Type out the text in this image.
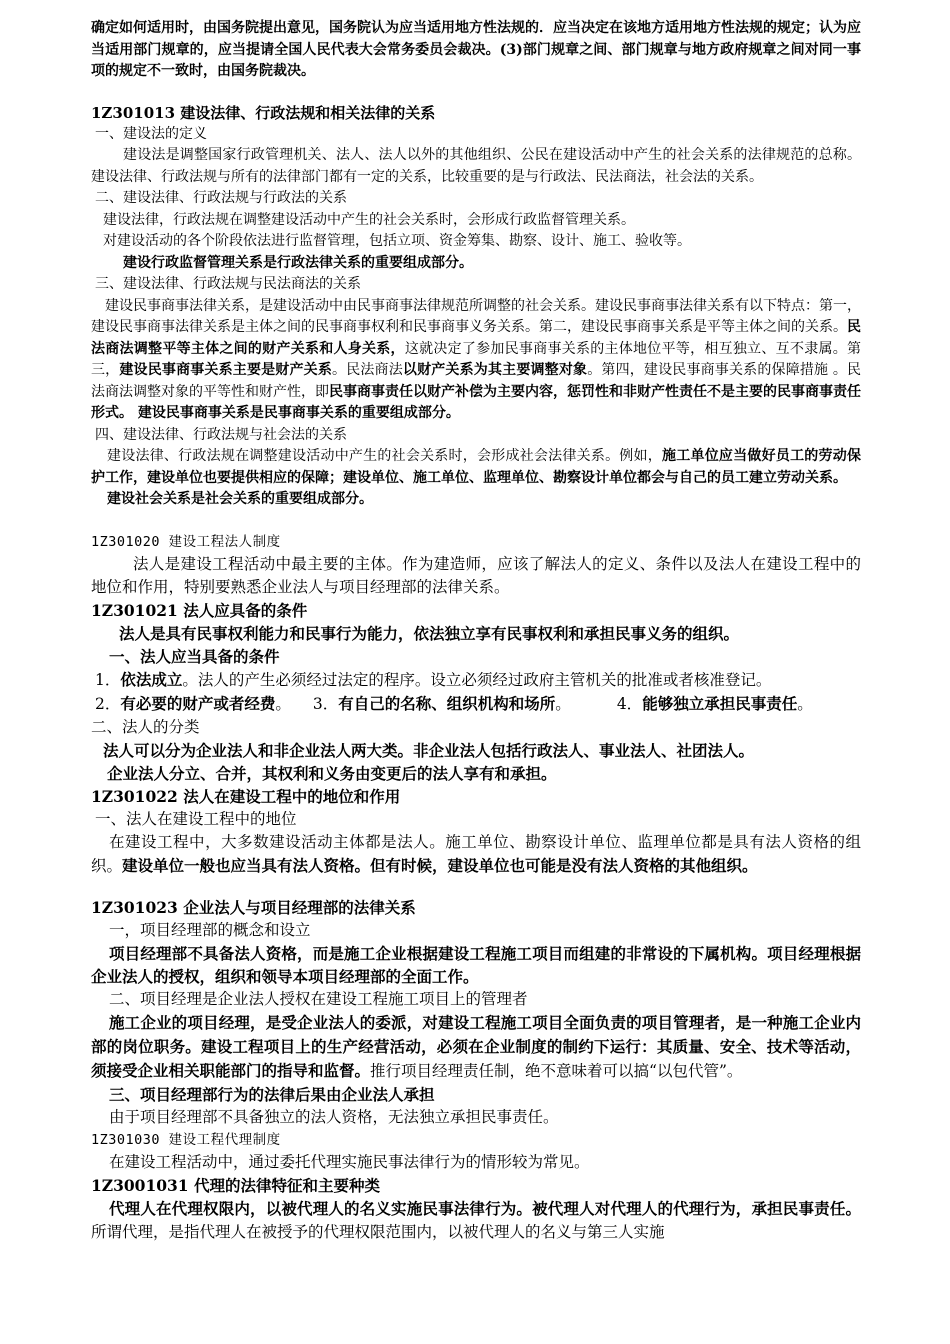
确定如何适用时，由国务院提出意见，国务院认为应当适用地方性法规的．应当决定在该地方适用地方性法规的规定；认为应当适用部门规章的，应当提请全国人民代表大会常务委员会裁决。(3)部门规章之间、部门规章与地方政府规章之间对同一事项的规定不一致时，由国务院裁决。

1Z301013 建设法律、行政法规和相关法律的关系

一、建设法的定义

建设法是调整国家行政管理机关、法人、法人以外的其他组织、公民在建设活动中产生的社会关系的法律规范的总称。建设法律、行政法规与所有的法律部门都有一定的关系，比较重要的是与行政法、民法商法，社会法的关系。

二、建设法律、行政法规与行政法的关系

建设法律，行政法规在调整建设活动中产生的社会关系时，会形成行政监督管理关系。

对建设活动的各个阶段依法进行监督管理，包括立项、资金筹集、勘察、设计、施工、验收等。

建设行政监督管理关系是行政法律关系的重要组成部分。

三、建设法律、行政法规与民法商法的关系

建设民事商事法律关系，是建设活动中由民事商事法律规范所调整的社会关系。建设民事商事法律关系有以下特点：第一，建设民事商事法律关系是主体之间的民事商事权利和民事商事义务关系。第二，建设民事商事关系是平等主体之间的关系。民法商法调整平等主体之间的财产关系和人身关系，这就决定了参加民事商事关系的主体地位平等，相互独立、互不隶属。第三，建设民事商事关系主要是财产关系。民法商法以财产关系为其主要调整对象。第四，建设民事商事关系的保障措施 。民法商法调整对象的平等性和财产性，即民事商事责任以财产补偿为主要内容，惩罚性和非财产性责任不是主要的民事商事责任形式。 建设民事商事关系是民事商事关系的重要组成部分。

四、建设法律、行政法规与社会法的关系

建设法律、行政法规在调整建设活动中产生的社会关系时，会形成社会法律关系。例如，施工单位应当做好员工的劳动保护工作，建设单位也要提供相应的保障；建设单位、施工单位、监理单位、勘察设计单位都会与自己的员工建立劳动关系。

建设社会关系是社会关系的重要组成部分。

1Z301020 建设工程法人制度

法人是建设工程活动中最主要的主体。作为建造师，应该了解法人的定义、条件以及法人在建设工程中的地位和作用，特别要熟悉企业法人与项目经理部的法律关系。

1Z301021 法人应具备的条件

法人是具有民事权利能力和民事行为能力，依法独立享有民事权利和承担民事义务的组织。

一、法人应当具备的条件

1．依法成立。法人的产生必须经过法定的程序。设立必须经过政府主管机关的批准或者核准登记。

2．有必要的财产或者经费。 3．有自己的名称、组织机构和场所。	4．能够独立承担民事责任。

二、法人的分类

法人可以分为企业法人和非企业法人两大类。非企业法人包括行政法人、事业法人、社团法人。

企业法人分立、合并，其权利和义务由变更后的法人享有和承担。

1Z301022 法人在建设工程中的地位和作用

一、法人在建设工程中的地位

在建设工程中，大多数建设活动主体都是法人。施工单位、勘察设计单位、监理单位都是具有法人资格的组织。建设单位一般也应当具有法人资格。但有时候，建设单位也可能是没有法人资格的其他组织。

1Z301023 企业法人与项目经理部的法律关系

一，项目经理部的概念和设立

项目经理部不具备法人资格，而是施工企业根据建设工程施工项目而组建的非常设的下属机构。项目经理根据企业法人的授权，组织和领导本项目经理部的全面工作。

二、项目经理是企业法人授权在建设工程施工项目上的管理者

施工企业的项目经理，是受企业法人的委派，对建设工程施工项目全面负责的项目管理者，是一种施工企业内部的岗位职务。建设工程项目上的生产经营活动，必须在企业制度的制约下运行：其质量、安全、技术等活动，须接受企业相关职能部门的指导和监督。推行项目经理责任制，绝不意味着可以搞“以包代管”。

三、项目经理部行为的法律后果由企业法人承担

由于项目经理部不具备独立的法人资格，无法独立承担民事责任。

1Z301030 建设工程代理制度

在建设工程活动中，通过委托代理实施民事法律行为的情形较为常见。

1Z3001031 代理的法律特征和主要种类

代理人在代理权限内，以被代理人的名义实施民事法律行为。被代理人对代理人的代理行为，承担民事责任。所谓代理，是指代理人在被授予的代理权限范围内，以被代理人的名义与第三人实施
